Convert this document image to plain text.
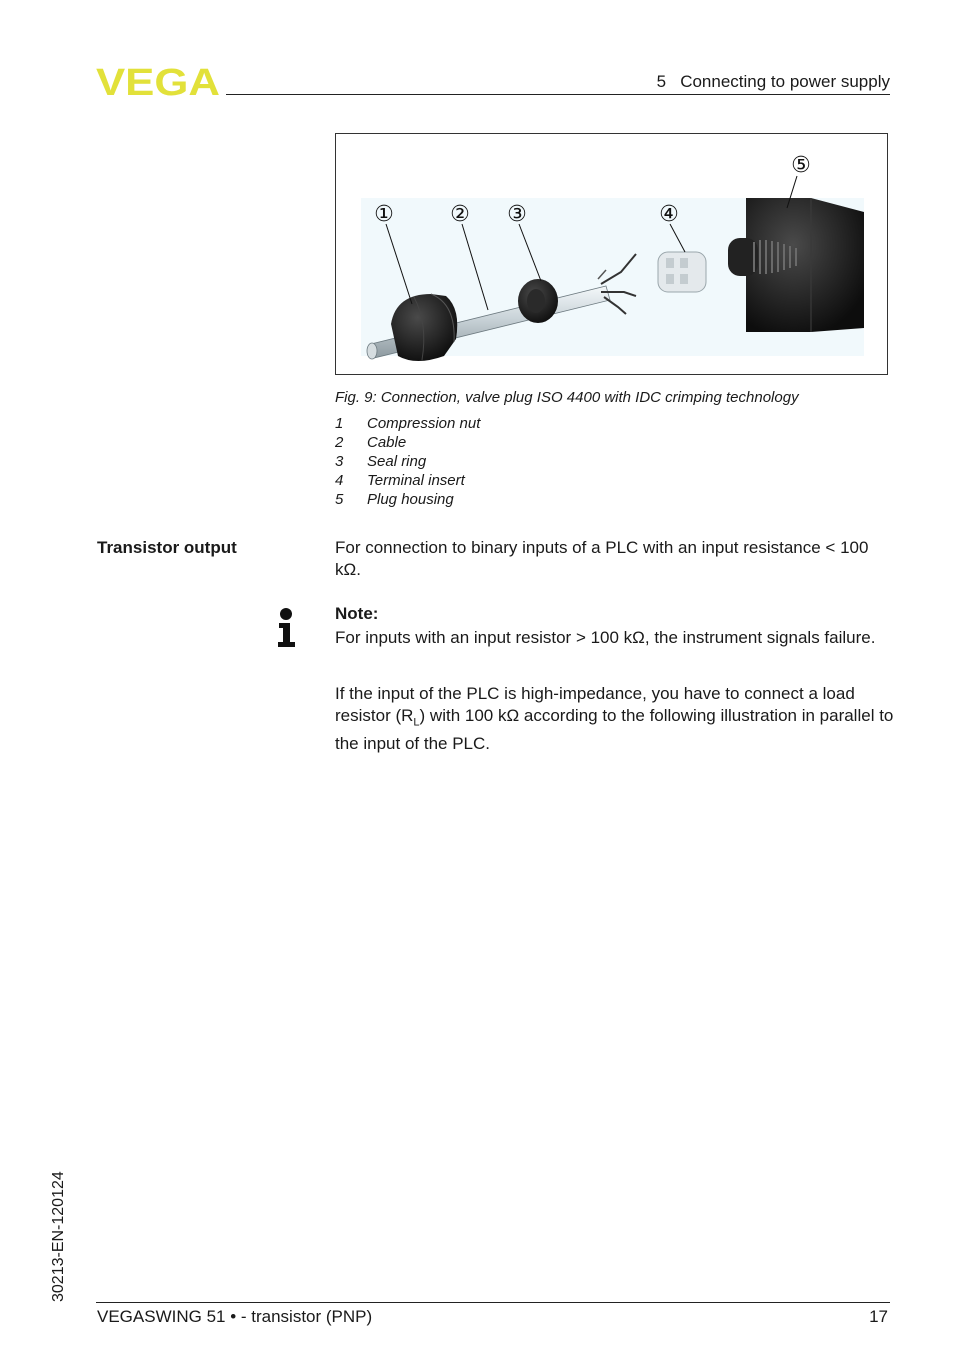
VEGA	5   Connecting to power supply
①	② ③	④
⑤
Fig. 9: Connection, valve plug ISO 4400 with IDC crimping technology
1	Compression nut
2	Cable
3	Seal ring
4	Terminal insert
5	Plug housing
Transistor output	For connection to binary inputs of a PLC with an input resistance < 100 kΩ.

Note:

For inputs with an input resistor > 100 kΩ, the instrument signals failure.

If the input of the PLC is high-impedance, you have to connect a load resistor $(R_L)$ with 100 kΩ according to the following illustration in parallel to the input of the PLC.

30213-EN-120124
VEGASWING 51 • - transistor (PNP)	17
